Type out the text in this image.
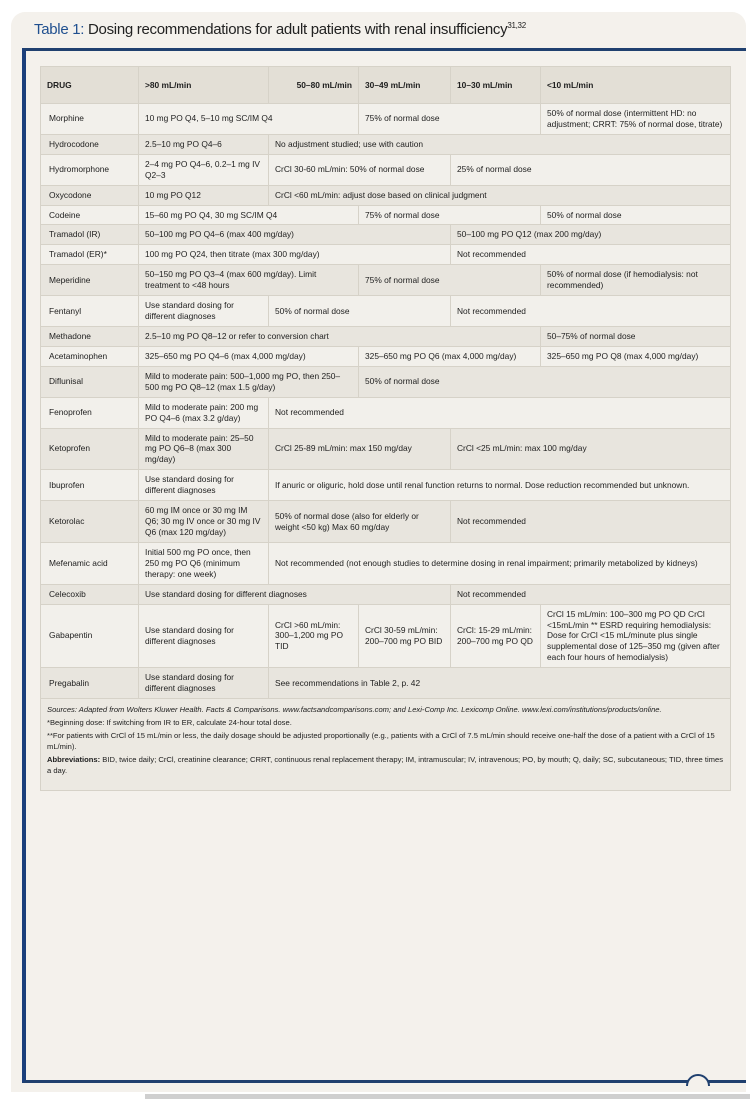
Table 1: Dosing recommendations for adult patients with renal insufficiency$^{31,32}$
DRUG	>80 mL/min	50–80 mL/min	30–49 mL/min	10–30 mL/min	<10 mL/min
Morphine	10 mg PO Q4, 5–10 mg SC/IM Q4		75% of normal dose		50% of normal dose (intermittent HD: no adjustment; CRRT: 75% of normal dose, titrate)
Hydrocodone	2.5–10 mg PO Q4–6	No adjustment studied; use with caution			
Hydromorphone	2–4 mg PO Q4–6, 0.2–1 mg IV Q2–3	CrCl 30-60 mL/min: 50% of normal dose		25% of normal dose	
Oxycodone	10 mg PO Q12	CrCl <60 mL/min: adjust dose based on clinical judgment			
Codeine	15–60 mg PO Q4, 30 mg SC/IM Q4		75% of normal dose		50% of normal dose
Tramadol (IR)	50–100 mg PO Q4–6 (max 400 mg/day)			50–100 mg PO Q12 (max 200 mg/day)	
Tramadol (ER)*	100 mg PO Q24, then titrate (max 300 mg/day)			Not recommended	
Meperidine	50–150 mg PO Q3–4 (max 600 mg/day). Limit treatment to <48 hours		75% of normal dose		50% of normal dose (if hemodialysis: not recommended)
Fentanyl	Use standard dosing for different diagnoses	50% of normal dose		Not recommended	
Methadone	2.5–10 mg PO Q8–12 or refer to conversion chart				50–75% of normal dose
Acetaminophen	325–650 mg PO Q4–6 (max 4,000 mg/day)		325–650 mg PO Q6 (max 4,000 mg/day)		325–650 mg PO Q8 (max 4,000 mg/day)
Diflunisal	Mild to moderate pain: 500–1,000 mg PO, then 250–500 mg PO Q8–12 (max 1.5 g/day)		50% of normal dose		
Fenoprofen	Mild to moderate pain: 200 mg PO Q4–6 (max 3.2 g/day)	Not recommended			
Ketoprofen	Mild to moderate pain: 25–50 mg PO Q6–8 (max 300 mg/day)	CrCl 25-89 mL/min: max 150 mg/day		CrCl <25 mL/min: max 100 mg/day	
Ibuprofen	Use standard dosing for different diagnoses	If anuric or oliguric, hold dose until renal function returns to normal. Dose reduction recommended but unknown.			
Ketorolac	60 mg IM once or 30 mg IM Q6; 30 mg IV once or 30 mg IV Q6 (max 120 mg/day)	50% of normal dose (also for elderly or weight <50 kg) Max 60 mg/day		Not recommended	
Mefenamic acid	Initial 500 mg PO once, then 250 mg PO Q6 (minimum therapy: one week)	Not recommended (not enough studies to determine dosing in renal impairment; primarily metabolized by kidneys)			
Celecoxib	Use standard dosing for different diagnoses			Not recommended	
Gabapentin	Use standard dosing for different diagnoses	CrCl >60 mL/min: 300–1,200 mg PO TID	CrCl 30-59 mL/min: 200–700 mg PO BID	CrCl: 15-29 mL/min: 200–700 mg PO QD	CrCl 15 mL/min: 100–300 mg PO QD CrCl <15mL/min ** ESRD requiring hemodialysis: Dose for CrCl <15 mL/minute plus single supplemental dose of 125–350 mg (given after each four hours of hemodialysis)
Pregabalin	Use standard dosing for different diagnoses	See recommendations in Table 2, p. 42			

Sources: Adapted from Wolters Kluwer Health. Facts & Comparisons. www.factsandcomparisons.com; and Lexi-Comp Inc. Lexicomp Online. www.lexi.com/institutions/products/online.

*Beginning dose: If switching from IR to ER, calculate 24-hour total dose.

**For patients with CrCl of 15 mL/min or less, the daily dosage should be adjusted proportionally (e.g., patients with a CrCl of 7.5 mL/min should receive one-half the dose of a patient with a CrCl of 15 mL/min).

Abbreviations: BID, twice daily; CrCl, creatinine clearance; CRRT, continuous renal replacement therapy; IM, intramuscular; IV, intravenous; PO, by mouth; Q, daily; SC, subcutaneous; TID, three times a day.					
